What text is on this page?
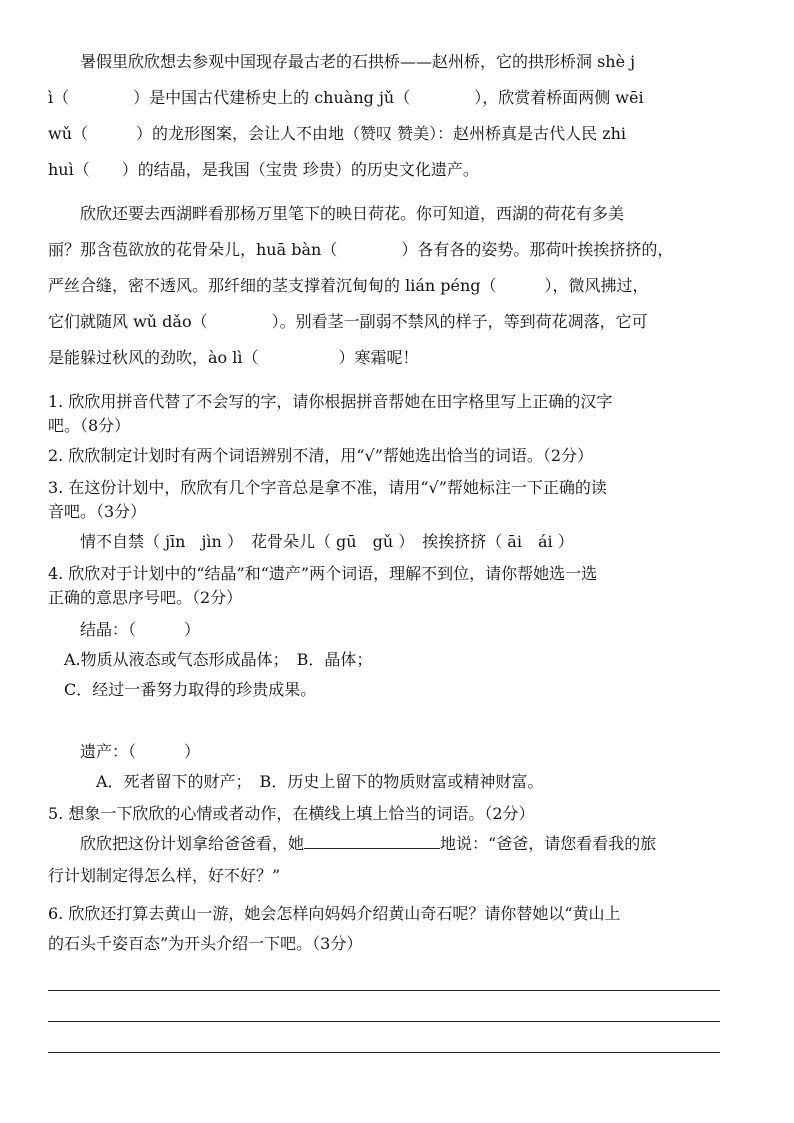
暑假里欣欣想去参观中国现存最古老的石拱桥——赵州桥，它的拱形桥洞 shè j
ì（　　　　）是中国古代建桥史上的 chuàng jǔ（　　　　），欣赏着桥面两侧 wēi
wǔ（　　　）的龙形图案，会让人不由地（赞叹 赞美）：赵州桥真是古代人民 zhi
huì（　　）的结晶，是我国（宝贵 珍贵）的历史文化遗产。
欣欣还要去西湖畔看那杨万里笔下的映日荷花。你可知道，西湖的荷花有多美
丽？那含苞欲放的花骨朵儿，huā bàn（　　　　）各有各的姿势。那荷叶挨挨挤挤的，
严丝合缝，密不透风。那纤细的茎支撑着沉甸甸的 lián péng（　　　），微风拂过，
它们就随风 wǔ dǎo（　　　　）。别看茎一副弱不禁风的样子，等到荷花凋落，它可
是能躲过秋风的劲吹，ào lì（　　　　　）寒霜呢！
1. 欣欣用拼音代替了不会写的字，请你根据拼音帮她在田字格里写上正确的汉字
吧。（8分）
2. 欣欣制定计划时有两个词语辨别不清，用“√”帮她选出恰当的词语。（2分）
3. 在这份计划中，欣欣有几个字音总是拿不准，请用“√”帮她标注一下正确的读
音吧。（3分）
情不自禁（ jīn　jìn ）　花骨朵儿（ gū　gǔ ）　挨挨挤挤（ āi　ái ）
4. 欣欣对于计划中的“结晶”和“遗产”两个词语，理解不到位，请你帮她选一选
正确的意思序号吧。（2分）
结晶：（　　　）
A.物质从液态或气态形成晶体；　B．晶体；
C．经过一番努力取得的珍贵成果。
遗产：（　　　）
A．死者留下的财产；　B．历史上留下的物质财富或精神财富。
5. 想象一下欣欣的心情或者动作，在横线上填上恰当的词语。（2分）
欣欣把这份计划拿给爸爸看，她	地说：“爸爸，请您看看我的旅
行计划制定得怎么样，好不好？”
6. 欣欣还打算去黄山一游，她会怎样向妈妈介绍黄山奇石呢？请你替她以“黄山上
的石头千姿百态”为开头介绍一下吧。（3分）
